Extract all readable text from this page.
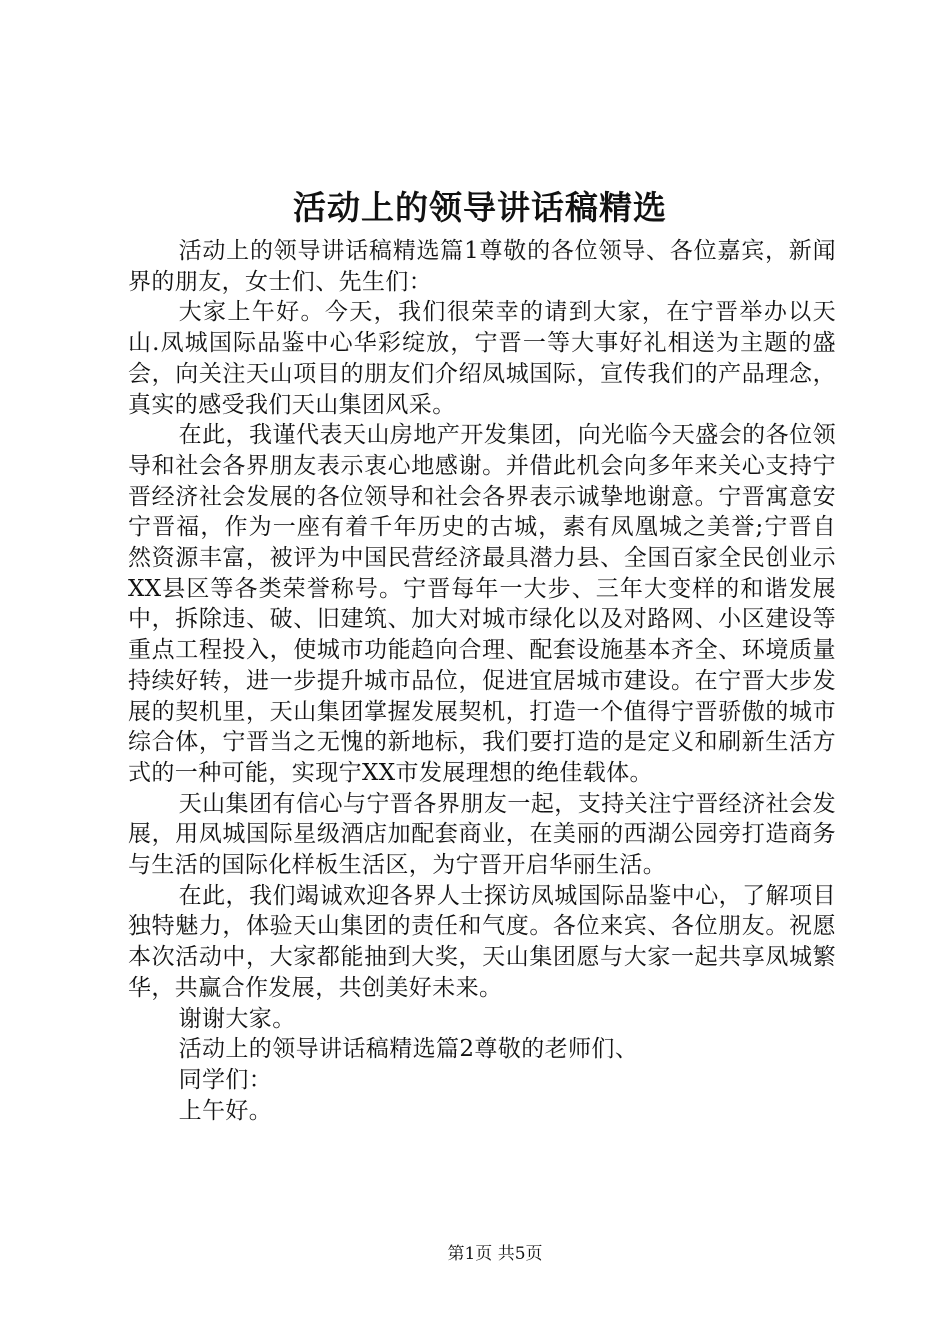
活动上的领导讲话稿精选

活动上的领导讲话稿精选篇1尊敬的各位领导、各位嘉宾，新闻界的朋友，女士们、先生们：

大家上午好。今天，我们很荣幸的请到大家，在宁晋举办以天山.凤城国际品鉴中心华彩绽放，宁晋一等大事好礼相送为主题的盛会，向关注天山项目的朋友们介绍凤城国际，宣传我们的产品理念，真实的感受我们天山集团风采。

在此，我谨代表天山房地产开发集团，向光临今天盛会的各位领导和社会各界朋友表示衷心地感谢。并借此机会向多年来关心支持宁晋经济社会发展的各位领导和社会各界表示诚挚地谢意。宁晋寓意安宁晋福，作为一座有着千年历史的古城，素有凤凰城之美誉;宁晋自然资源丰富，被评为中国民营经济最具潜力县、全国百家全民创业示XX县区等各类荣誉称号。宁晋每年一大步、三年大变样的和谐发展中，拆除违、破、旧建筑、加大对城市绿化以及对路网、小区建设等重点工程投入，使城市功能趋向合理、配套设施基本齐全、环境质量持续好转，进一步提升城市品位，促进宜居城市建设。在宁晋大步发展的契机里，天山集团掌握发展契机，打造一个值得宁晋骄傲的城市综合体，宁晋当之无愧的新地标，我们要打造的是定义和刷新生活方式的一种可能，实现宁XX市发展理想的绝佳载体。

天山集团有信心与宁晋各界朋友一起，支持关注宁晋经济社会发展，用凤城国际星级酒店加配套商业，在美丽的西湖公园旁打造商务与生活的国际化样板生活区，为宁晋开启华丽生活。

在此，我们竭诚欢迎各界人士探访凤城国际品鉴中心，了解项目独特魅力，体验天山集团的责任和气度。各位来宾、各位朋友。祝愿本次活动中，大家都能抽到大奖，天山集团愿与大家一起共享凤城繁华，共赢合作发展，共创美好未来。

谢谢大家。

活动上的领导讲话稿精选篇2尊敬的老师们、

同学们：

上午好。

第1页 共5页
